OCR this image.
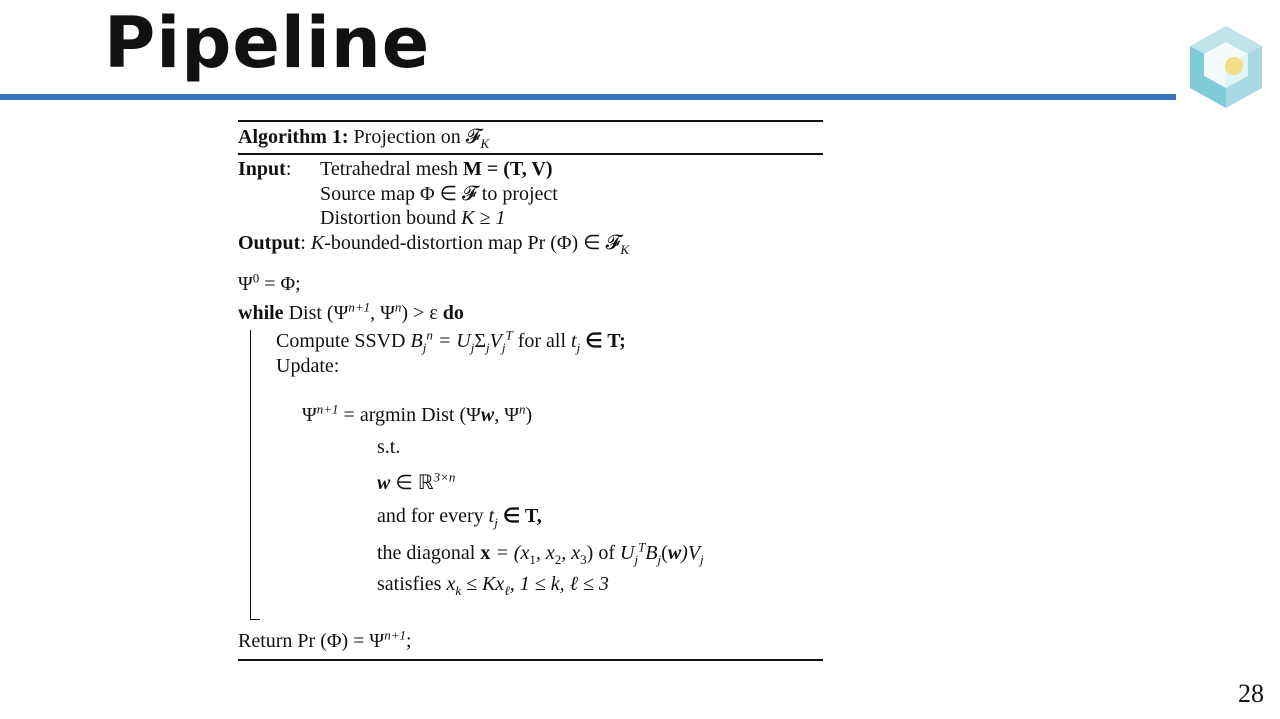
Pipeline
Algorithm 1: Projection on 𝓕$_K$
Input: Tetrahedral mesh M = (T, V)
Source map Φ ∈ 𝓕 to project
Distortion bound K ≥ 1
Output: K-bounded-distortion map Pr (Φ) ∈ 𝓕$_K$
$\Psi^0 = \Phi$;
while Dist ($\Psi^{n+1}$, $\Psi^n) > \varepsilon$ do
Compute SSVD $B_j^n = U_j\Sigma_jV_j^T$ for all $t_j$ ∈ T;
Update:
$\Psi^{n+1} = argmin$ Dist (Ψw, $\Psi^n$)
s.t.
w ∈ ℝ$^{3\times n}$
and for every $t_j$ ∈ T,
the diagonal $x = (x_1$, $x_2$, $x_3$) of $U_j^TB_j(w)V_j$
satisfies $x_k \le Kx_\ell$, 1 ≤ k, ℓ ≤ 3
Return Pr $(\Phi) = \Psi^{n+1}$;
28
